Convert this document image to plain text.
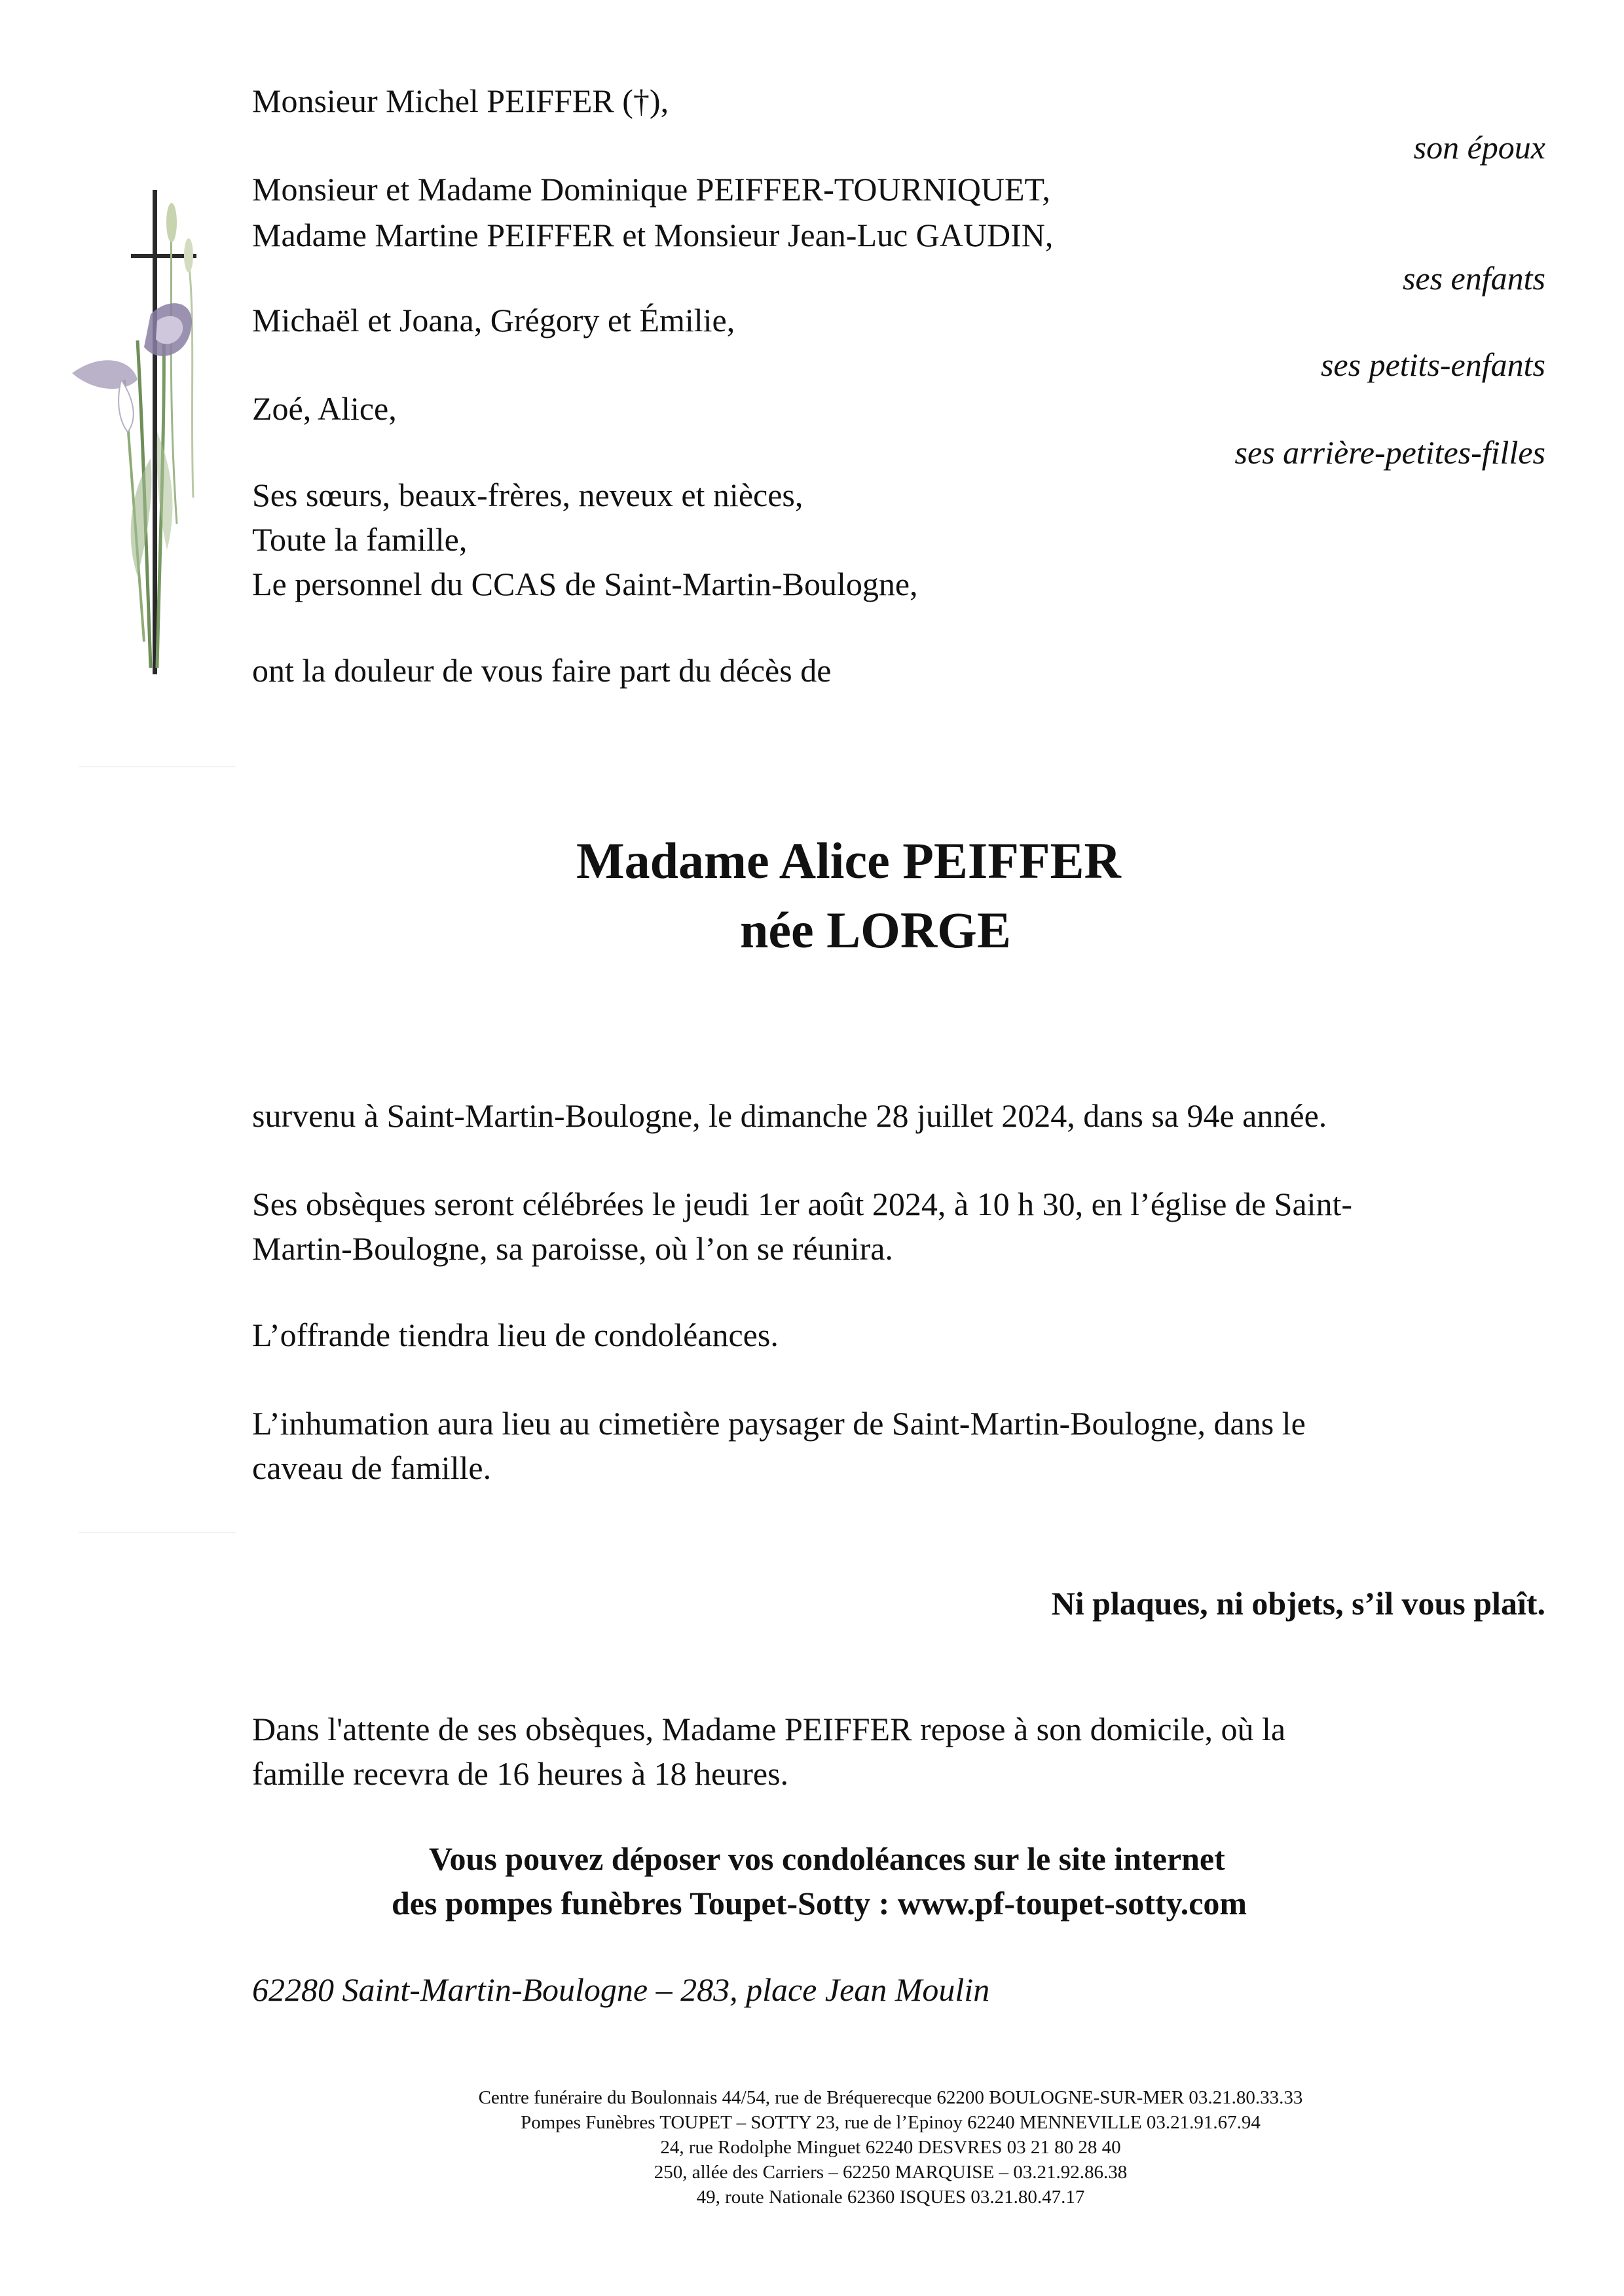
Monsieur Michel PEIFFER (†),
son époux
Monsieur et Madame Dominique PEIFFER-TOURNIQUET,
Madame Martine PEIFFER et Monsieur Jean-Luc GAUDIN,
ses enfants
Michaël et Joana, Grégory et Émilie,
ses petits-enfants
Zoé, Alice,
ses arrière-petites-filles
Ses sœurs, beaux-frères, neveux et nièces,
Toute la famille,
Le personnel du CCAS de Saint-Martin-Boulogne,
ont la douleur de vous faire part du décès de
Madame Alice PEIFFER
née LORGE
survenu à Saint-Martin-Boulogne, le dimanche 28 juillet 2024, dans sa 94e année.
Ses obsèques seront célébrées le jeudi 1er août 2024, à 10 h 30, en l’église de Saint-
Martin-Boulogne, sa paroisse, où l’on se réunira.
L’offrande tiendra lieu de condoléances.
L’inhumation aura lieu au cimetière paysager de Saint-Martin-Boulogne, dans le
caveau de famille.
Ni plaques, ni objets, s’il vous plaît.
Dans l'attente de ses obsèques, Madame PEIFFER repose à son domicile, où la
famille recevra de 16 heures à 18 heures.
Vous pouvez déposer vos condoléances sur le site internet
des pompes funèbres Toupet-Sotty : www.pf-toupet-sotty.com
62280 Saint-Martin-Boulogne – 283, place Jean Moulin
Centre funéraire du Boulonnais 44/54, rue de Bréquerecque 62200 BOULOGNE-SUR-MER 03.21.80.33.33
Pompes Funèbres TOUPET – SOTTY 23, rue de l’Epinoy 62240 MENNEVILLE 03.21.91.67.94
24, rue Rodolphe Minguet 62240 DESVRES 03 21 80 28 40
250, allée des Carriers – 62250 MARQUISE – 03.21.92.86.38
49, route Nationale 62360 ISQUES 03.21.80.47.17
